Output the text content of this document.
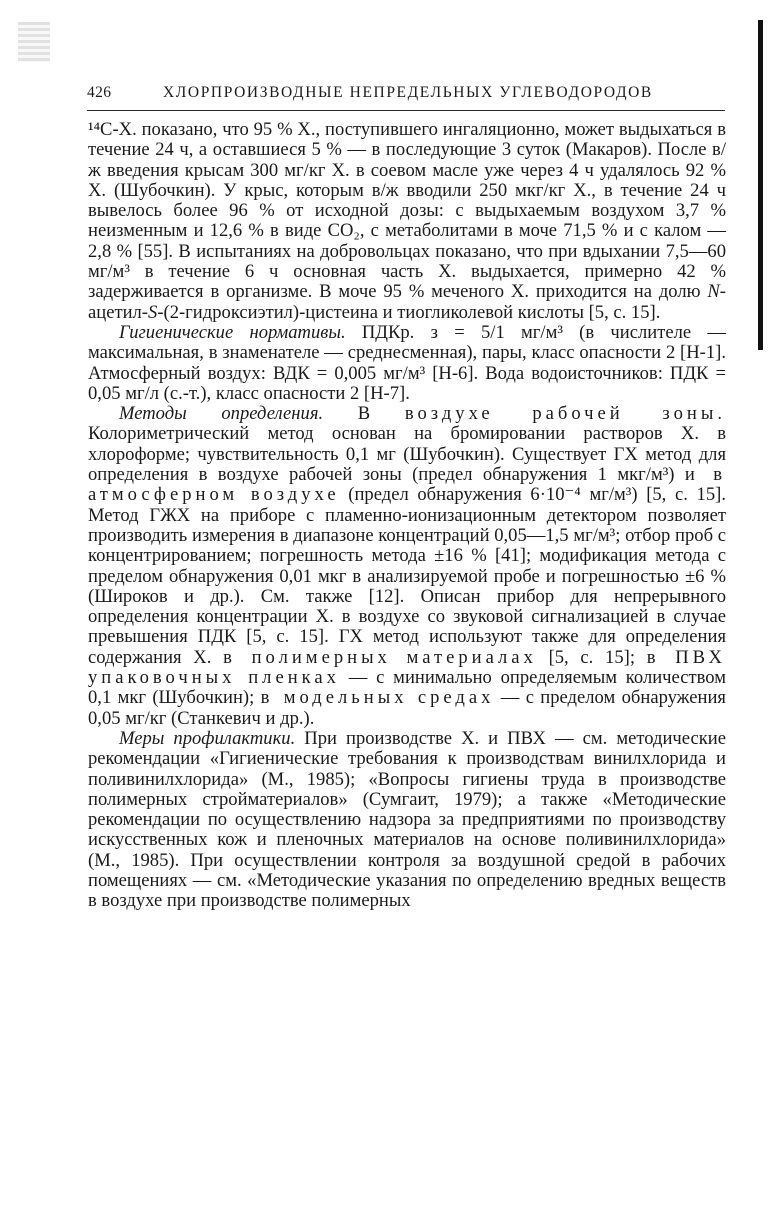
426	ХЛОРПРОИЗВОДНЫЕ НЕПРЕДЕЛЬНЫХ УГЛЕВОДОРОДОВ

¹⁴С-Х. показано, что 95 % Х., поступившего ингаляционно, может выдыхаться в течение 24 ч, а оставшиеся 5 % — в последующие 3 суток (Макаров). После в/ж введения крысам 300 мг/кг Х. в соевом масле уже через 4 ч удалялось 92 % Х. (Шубочкин). У крыс, которым в/ж вводили 250 мкг/кг Х., в течение 24 ч вывелось более 96 % от исходной дозы: с выдыхаемым воздухом 3,7 % неизменным и 12,6 % в виде CO₂, с метаболитами в моче 71,5 % и с калом — 2,8 % [55]. В испытаниях на добровольцах показано, что при вдыхании 7,5—60 мг/м³ в течение 6 ч основная часть Х. выдыхается, примерно 42 % задерживается в организме. В моче 95 % меченого Х. приходится на долю N-ацетил-S-(2-гидроксиэтил)-цистеина и тиогликолевой кислоты [5, с. 15].

Гигиенические нормативы. ПДКр. з = 5/1 мг/м³ (в числителе — максимальная, в знаменателе — среднесменная), пары, класс опасности 2 [Н-1]. Атмосферный воздух: ВДК = 0,005 мг/м³ [Н-6]. Вода водоисточников: ПДК = 0,05 мг/л (с.-т.), класс опасности 2 [Н-7].

Методы определения. В воздухе рабочей зоны. Колориметрический метод основан на бромировании растворов Х. в хлороформе; чувствительность 0,1 мг (Шубочкин). Существует ГХ метод для определения в воздухе рабочей зоны (предел обнаружения 1 мкг/м³) и в атмосферном воздухе (предел обнаружения 6·10⁻⁴ мг/м³) [5, с. 15]. Метод ГЖХ на приборе с пламенно-ионизационным детектором позволяет производить измерения в диапазоне концентраций 0,05—1,5 мг/м³; отбор проб с концентрированием; погрешность метода ±16 % [41]; модификация метода с пределом обнаружения 0,01 мкг в анализируемой пробе и погрешностью ±6 % (Широков и др.). См. также [12]. Описан прибор для непрерывного определения концентрации Х. в воздухе со звуковой сигнализацией в случае превышения ПДК [5, с. 15]. ГХ метод используют также для определения содержания Х. в полимерных материалах [5, с. 15]; в ПВХ упаковочных пленках — с минимально определяемым количеством 0,1 мкг (Шубочкин); в модельных средах — с пределом обнаружения 0,05 мг/кг (Станкевич и др.).

Меры профилактики. При производстве Х. и ПВХ — см. методические рекомендации «Гигиенические требования к производствам винилхлорида и поливинилхлорида» (М., 1985); «Вопросы гигиены труда в производстве полимерных стройматериалов» (Сумгаит, 1979); а также «Методические рекомендации по осуществлению надзора за предприятиями по производству искусственных кож и пленочных материалов на основе поливинилхлорида» (М., 1985). При осуществлении контроля за воздушной средой в рабочих помещениях — см. «Методические указания по определению вредных веществ в воздухе при производстве полимерных
